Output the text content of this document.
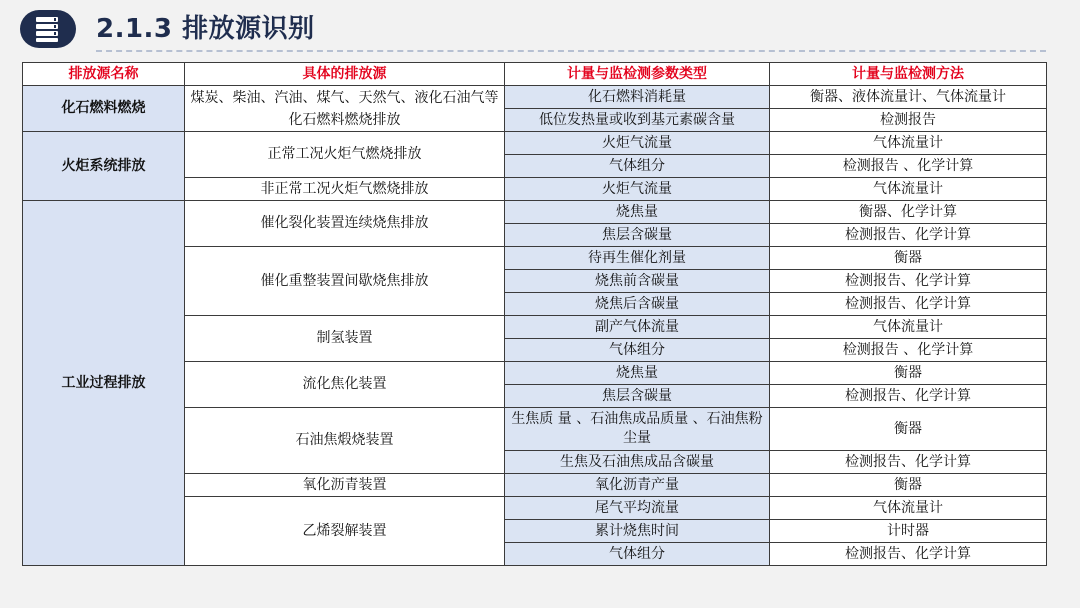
2.1.3 排放源识别
排放源名称	具体的排放源	计量与监检测参数类型	计量与监检测方法
化石燃料燃烧	煤炭、柴油、汽油、煤气、天然气、液化石油气等化石燃料燃烧排放	化石燃料消耗量	衡器、液体流量计、气体流量计
		低位发热量或收到基元素碳含量	检测报告
火炬系统排放	正常工况火炬气燃烧排放	火炬气流量	气体流量计
		气体组分	检测报告 、化学计算
	非正常工况火炬气燃烧排放	火炬气流量	气体流量计
工业过程排放	催化裂化装置连续烧焦排放	烧焦量	衡器、化学计算
		焦层含碳量	检测报告、化学计算
	催化重整装置间歇烧焦排放	待再生催化剂量	衡器
		烧焦前含碳量	检测报告、化学计算
		烧焦后含碳量	检测报告、化学计算
	制氢装置	副产气体流量	气体流量计
		气体组分	检测报告 、化学计算
	流化焦化装置	烧焦量	衡器
		焦层含碳量	检测报告、化学计算
	石油焦煅烧装置	生焦质 量 、石油焦成品质量 、石油焦粉尘量	衡器
		生焦及石油焦成品含碳量	检测报告、化学计算
	氧化沥青装置	氧化沥青产量	衡器
	乙烯裂解装置	尾气平均流量	气体流量计
		累计烧焦时间	计时器
		气体组分	检测报告、化学计算
